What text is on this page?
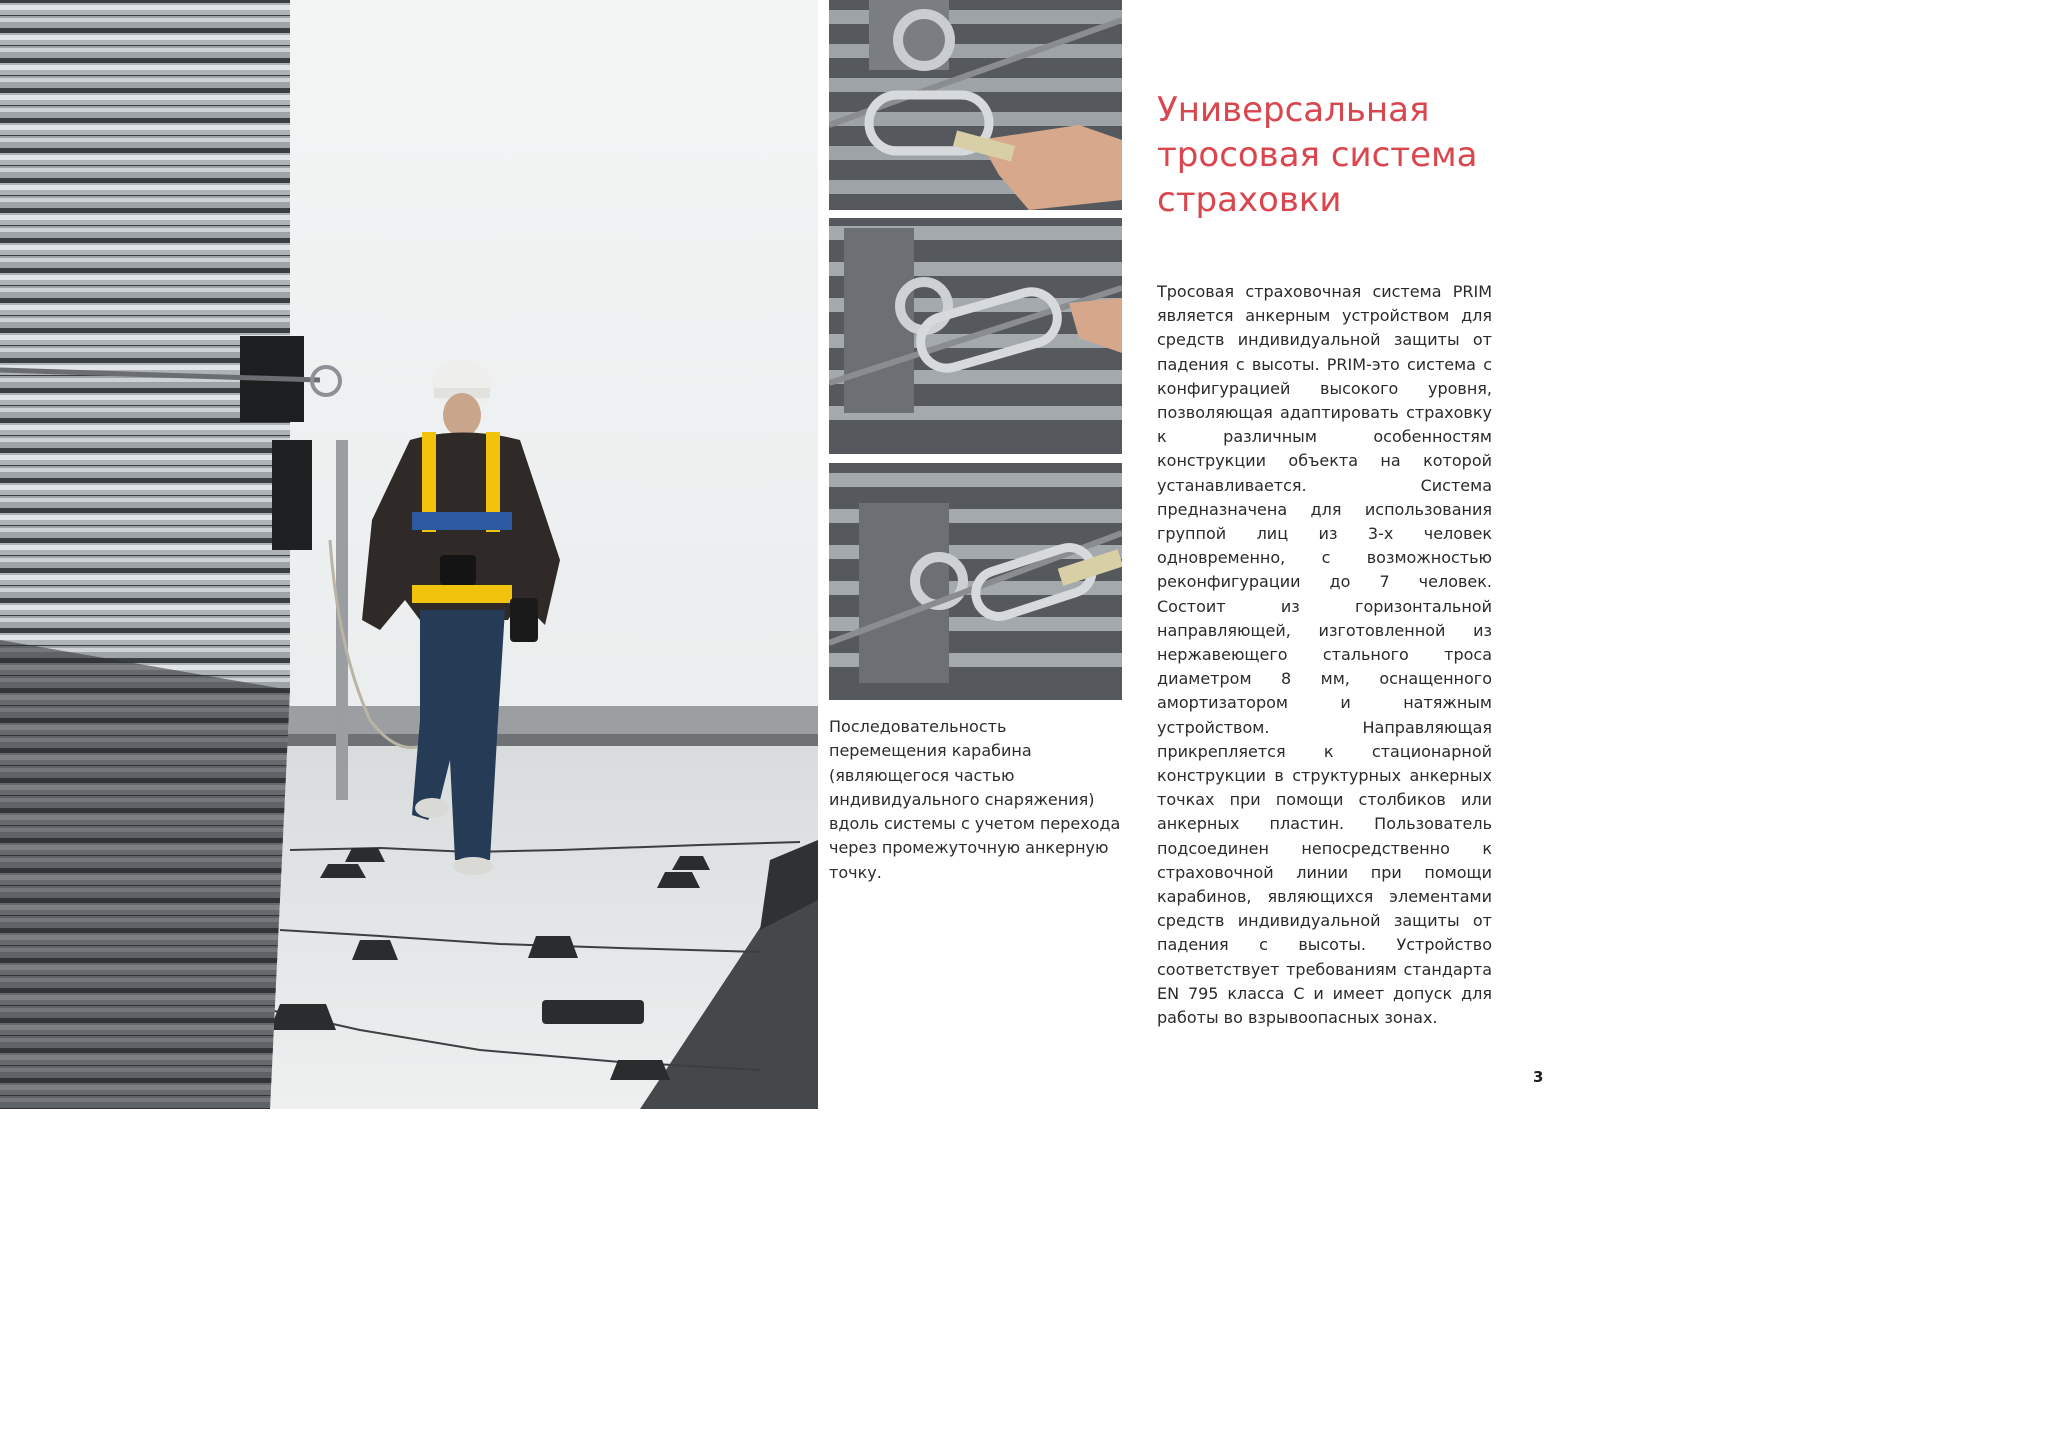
Последовательность перемещения карабина (являющегося частью индивидуального снаряжения) вдоль системы с учетом перехода через промежуточную анкерную точку.

Универсальная
тросовая система
страховки

Тросовая страховочная система PRIM является анкерным устройством для средств индивидуальной защиты от падения с высоты. PRIM-это система с конфигурацией высокого уровня, позволяющая адаптировать страховку к различным особенностям конструкции объекта на которой устанавливается. Система предназначена для использования группой лиц из 3-х человек одновременно, с возможностью реконфигурации до 7 человек. Состоит из горизонтальной направляющей, изготовленной из нержавеющего стального троса диаметром 8 мм, оснащенного амортизатором и натяжным устройством. Направляющая прикрепляется к стационарной конструкции в структурных анкерных точках при помощи столбиков или анкерных пластин. Пользователь подсоединен непосредственно к страховочной линии при помощи карабинов, являющихся элементами средств индивидуальной защиты от падения с высоты. Устройство соответствует требованиям стандарта EN 795 класса C и имеет допуск для работы во взрывоопасных зонах.

3
